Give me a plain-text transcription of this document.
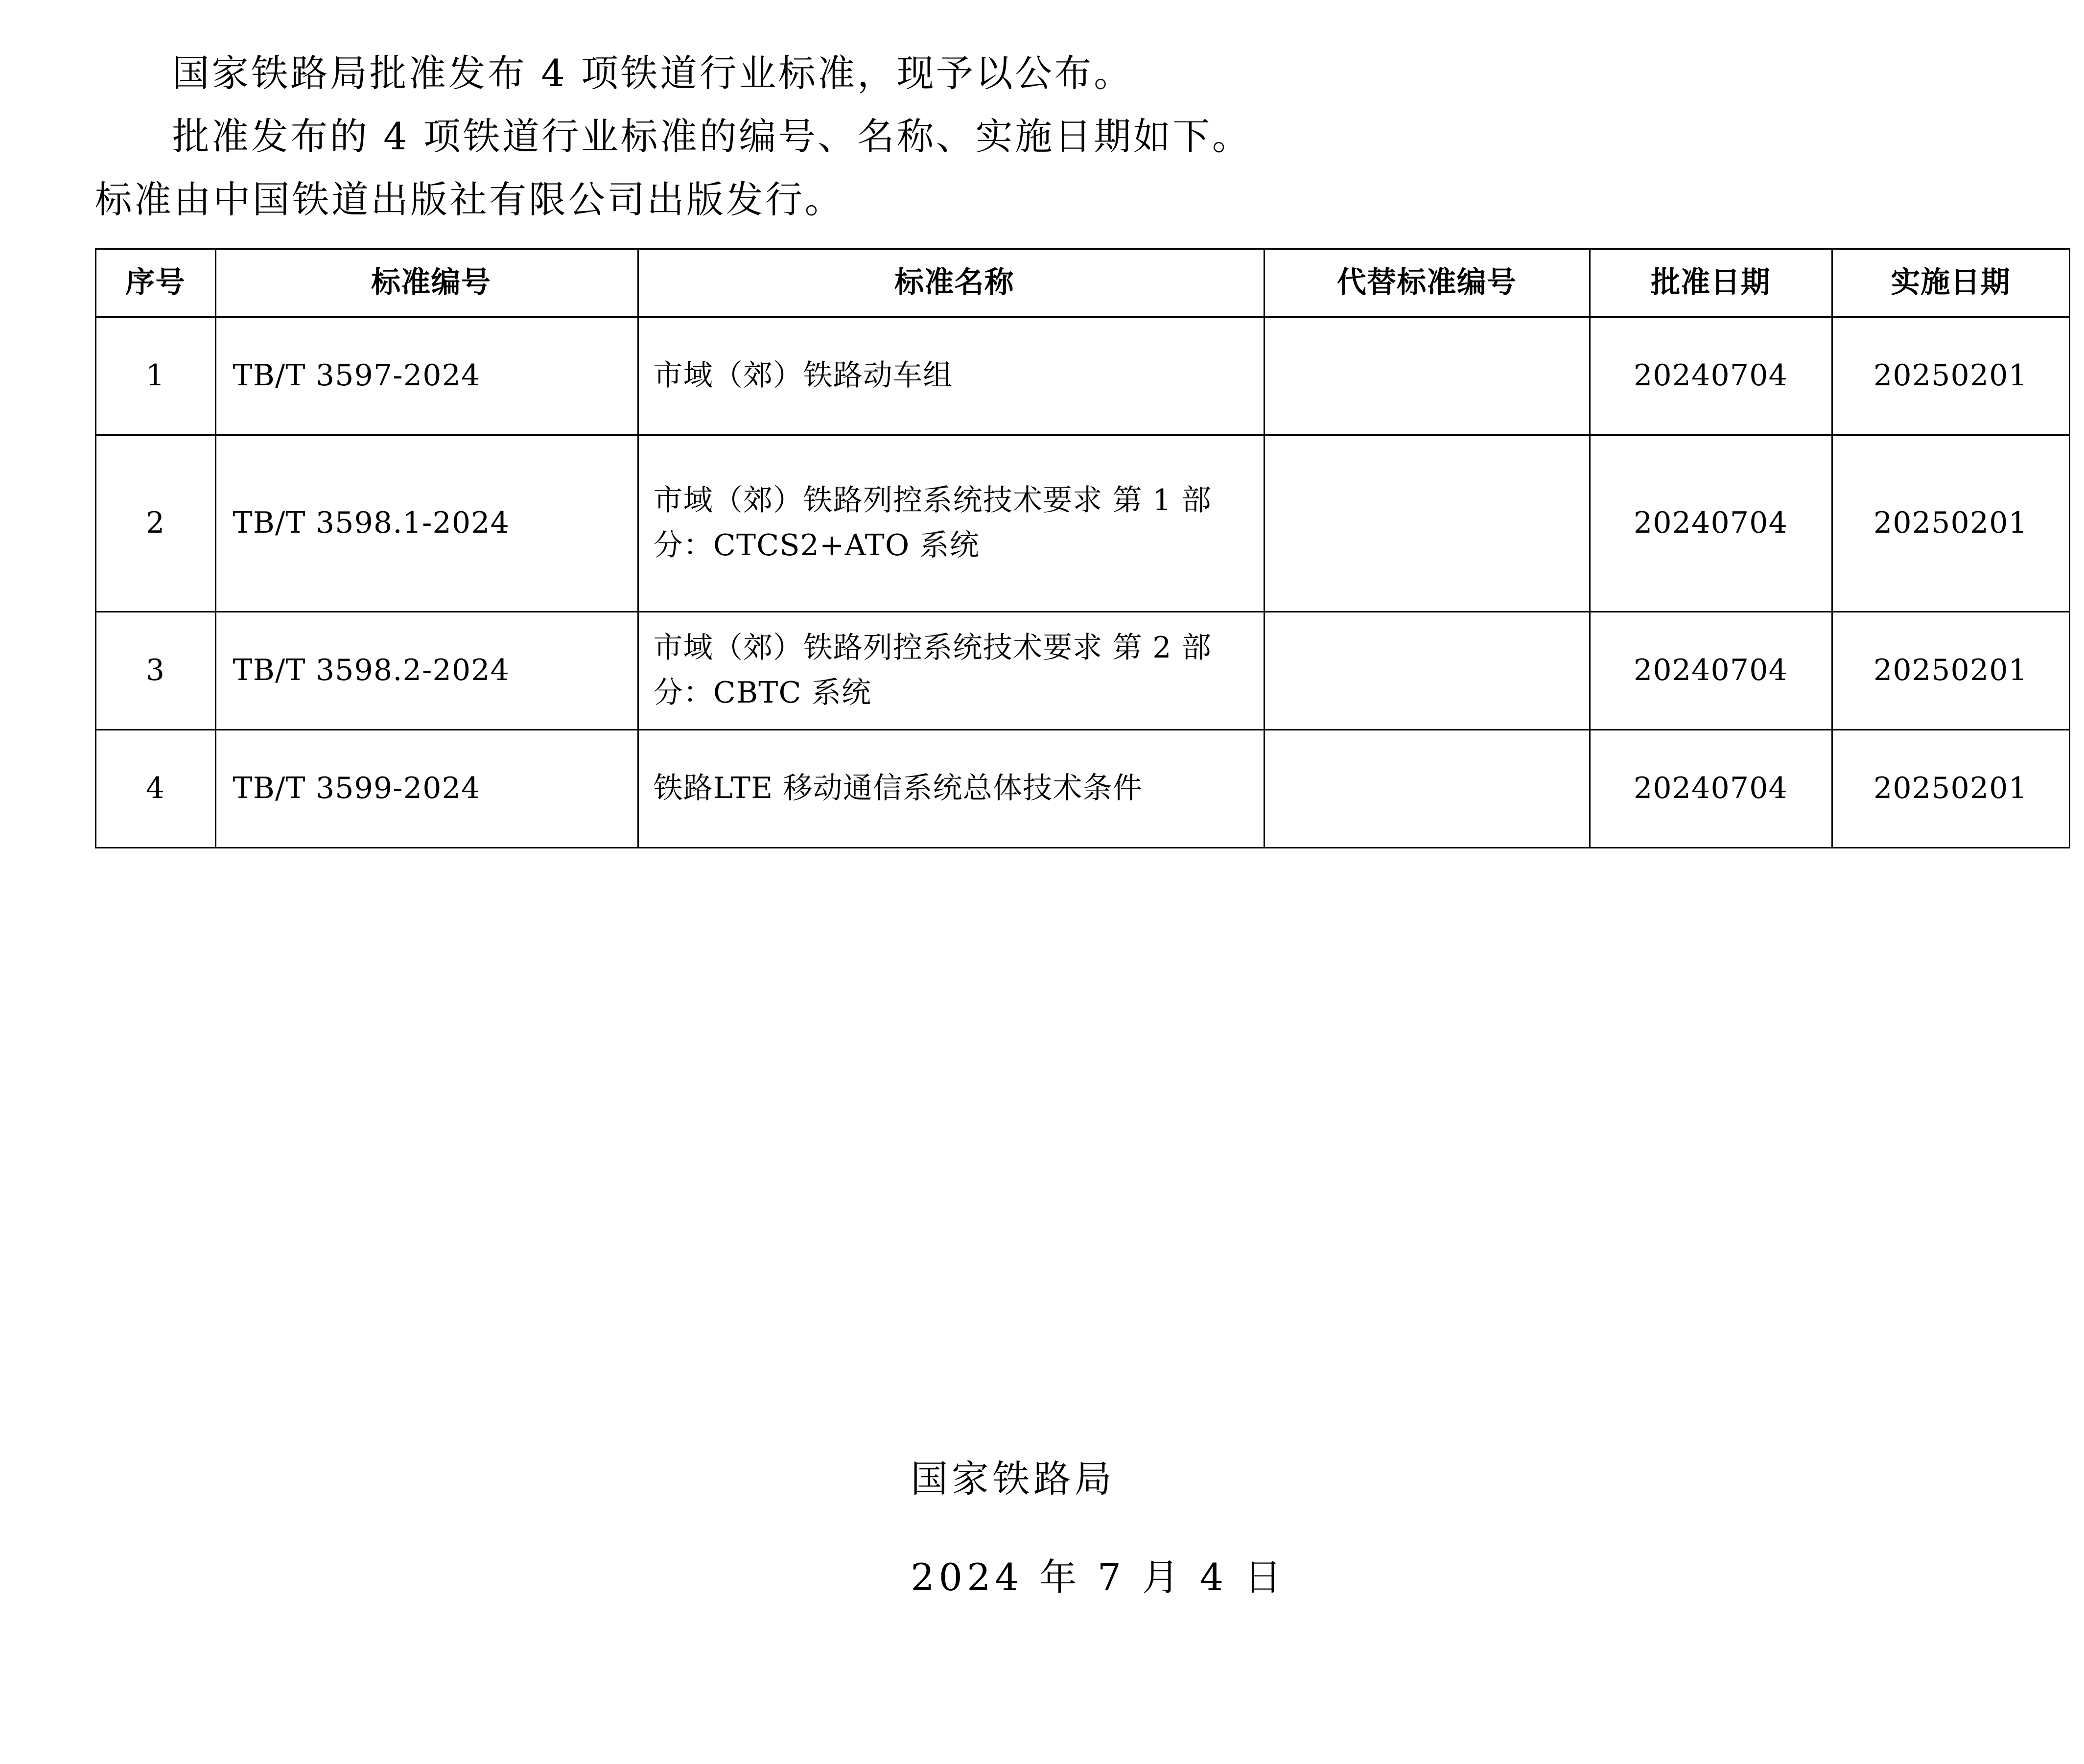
国家铁路局批准发布 4 项铁道行业标准，现予以公布。

批准发布的 4 项铁道行业标准的编号、名称、实施日期如下。

标准由中国铁道出版社有限公司出版发行。

序号	标准编号	标准名称	代替标准编号	批准日期	实施日期
1	TB/T 3597-2024	市域（郊）铁路动车组		20240704	20250201
2	TB/T 3598.1-2024	市域（郊）铁路列控系统技术要求 第 1 部分：CTCS2+ATO 系统		20240704	20250201
3	TB/T 3598.2-2024	市域（郊）铁路列控系统技术要求 第 2 部分：CBTC 系统		20240704	20250201
4	TB/T 3599-2024	铁路LTE 移动通信系统总体技术条件		20240704	20250201

国家铁路局

2024 年 7 月 4 日
